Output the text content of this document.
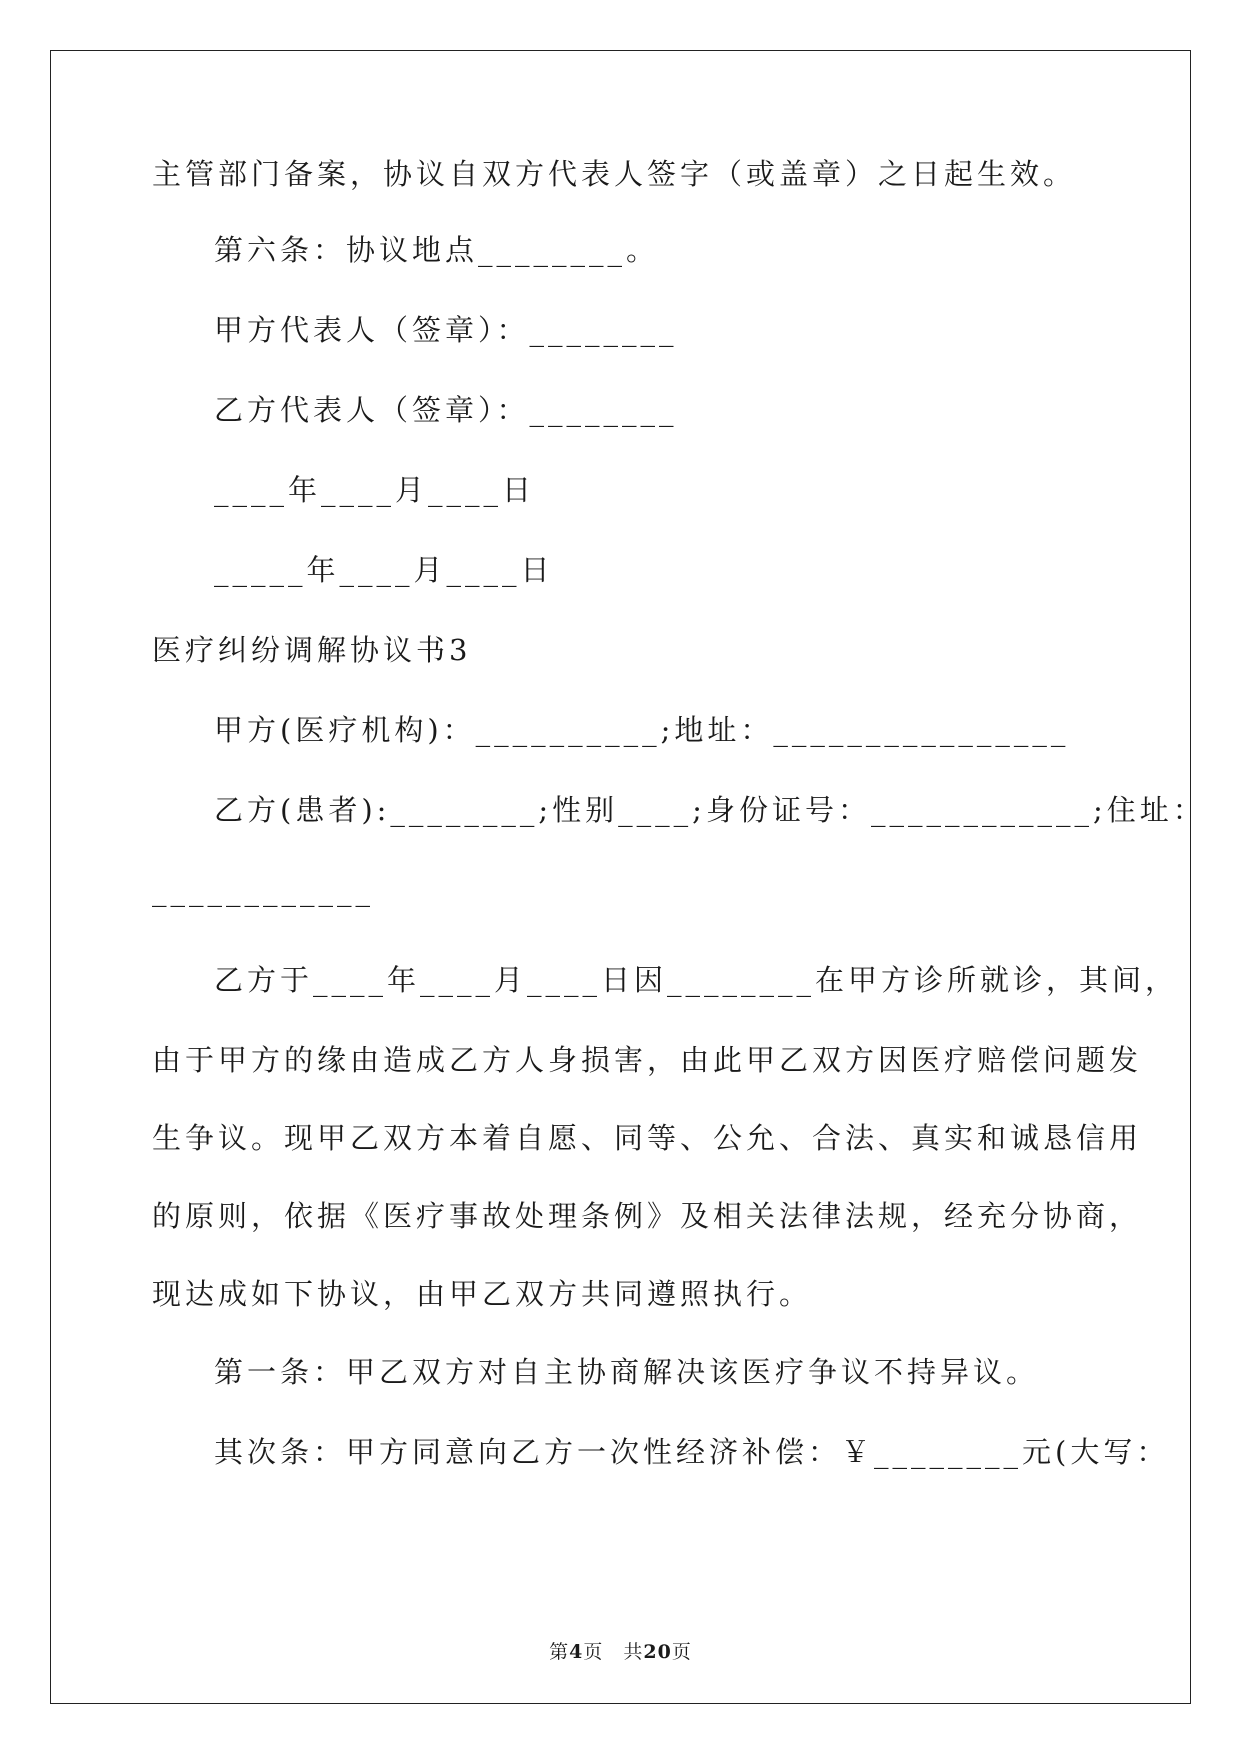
主管部门备案，协议自双方代表人签字（或盖章）之日起生效。
第六条：协议地点________。
甲方代表人（签章）：________
乙方代表人（签章）：________
____年____月____日
_____年____月____日
医疗纠纷调解协议书3
甲方(医疗机构)：__________;地址：________________
乙方(患者):________;性别____;身份证号：____________;住址：
____________
乙方于____年____月____日因________在甲方诊所就诊，其间，
由于甲方的缘由造成乙方人身损害，由此甲乙双方因医疗赔偿问题发
生争议。现甲乙双方本着自愿、同等、公允、合法、真实和诚恳信用
的原则，依据《医疗事故处理条例》及相关法律法规，经充分协商，
现达成如下协议，由甲乙双方共同遵照执行。
第一条：甲乙双方对自主协商解决该医疗争议不持异议。
其次条：甲方同意向乙方一次性经济补偿：￥________元(大写：
第4页　共20页
